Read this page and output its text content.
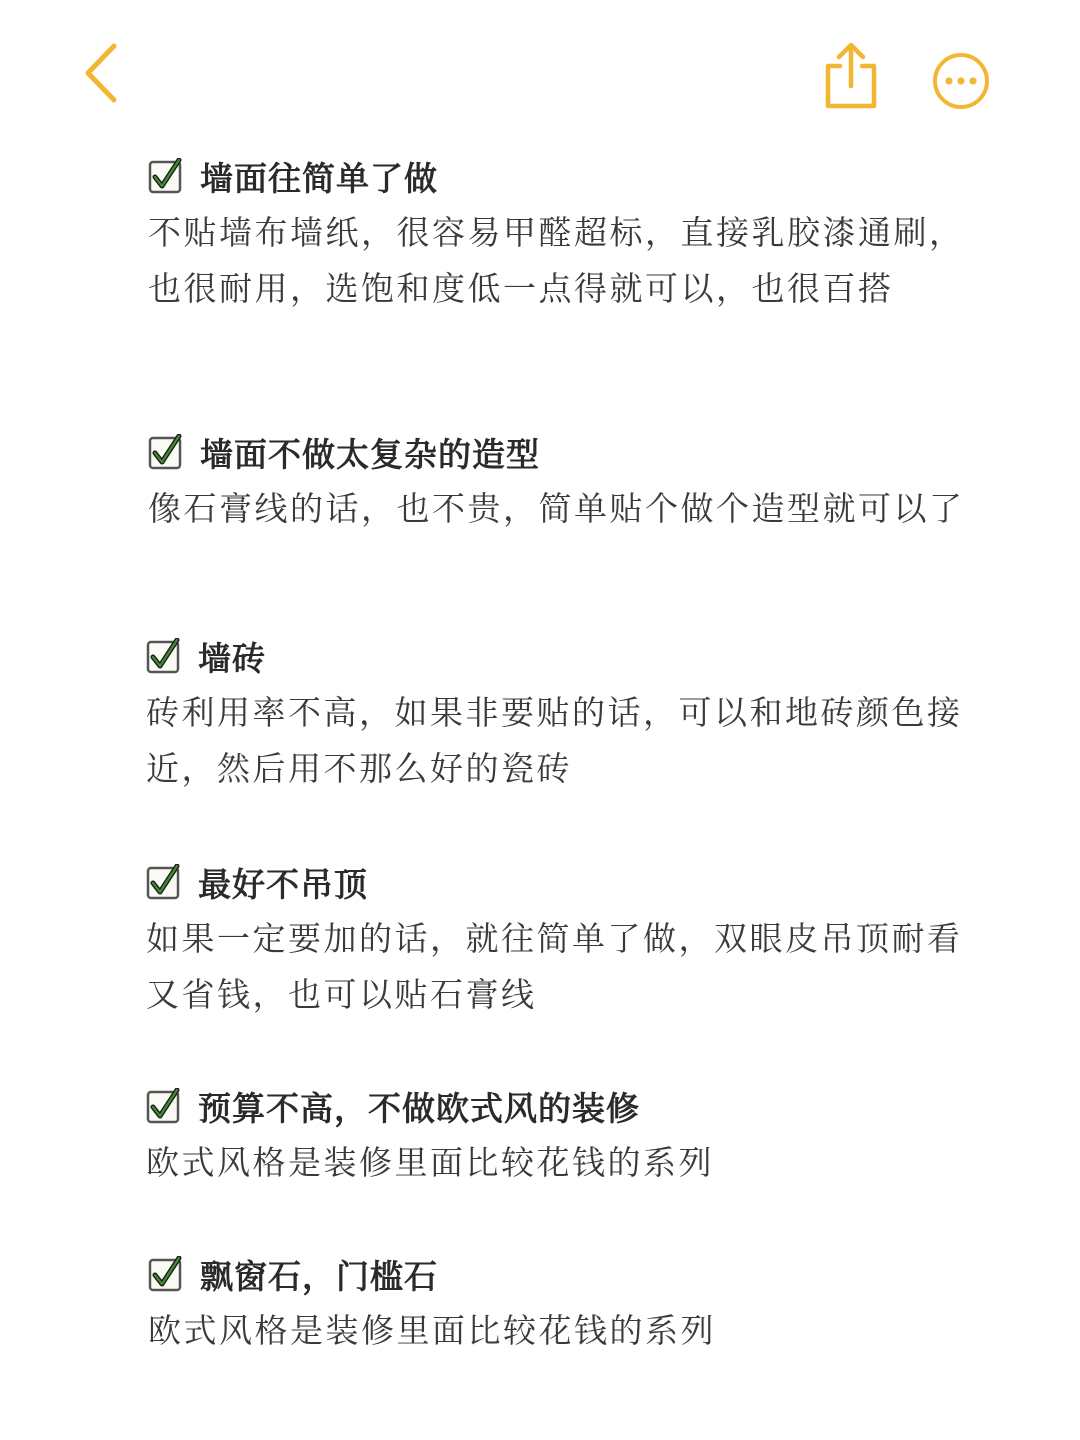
墙面往简单了做
不贴墙布墙纸，很容易甲醛超标，直接乳胶漆通刷，也很耐用，选饱和度低一点得就可以，也很百搭
墙面不做太复杂的造型
像石膏线的话，也不贵，简单贴个做个造型就可以了
墙砖
砖利用率不高，如果非要贴的话，可以和地砖颜色接近，然后用不那么好的瓷砖
最好不吊顶
如果一定要加的话，就往简单了做，双眼皮吊顶耐看又省钱，也可以贴石膏线
预算不高，不做欧式风的装修
欧式风格是装修里面比较花钱的系列
飘窗石，门槛石
欧式风格是装修里面比较花钱的系列
